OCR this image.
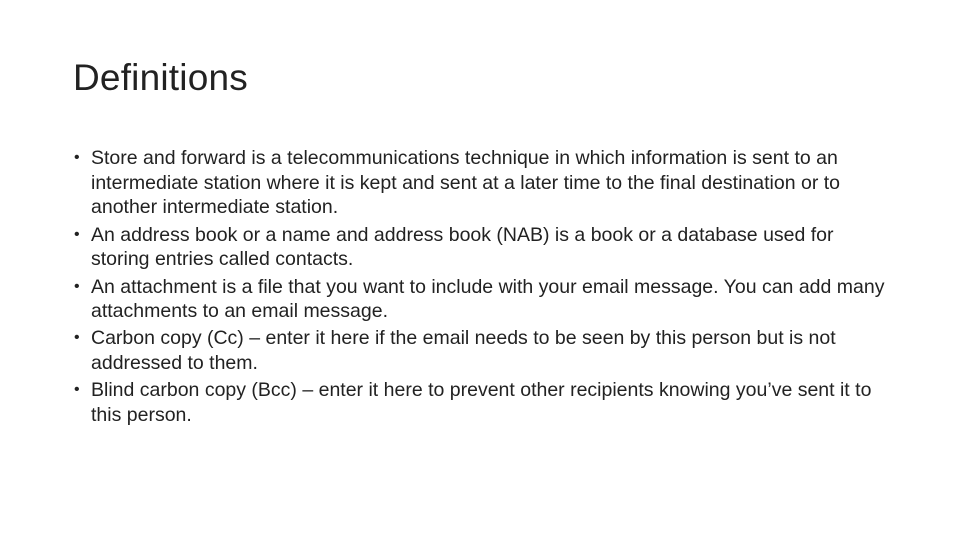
Definitions
• Store and forward is a telecommunications technique in which information is sent to an intermediate station where it is kept and sent at a later time to the final destination or to another intermediate station.
• An address book or a name and address book (NAB) is a book or a database used for storing entries called contacts.
• An attachment is a file that you want to include with your email message. You can add many attachments to an email message.
• Carbon copy (Cc) – enter it here if the email needs to be seen by this person but is not addressed to them.
• Blind carbon copy (Bcc) – enter it here to prevent other recipients knowing you’ve sent it to this person.
